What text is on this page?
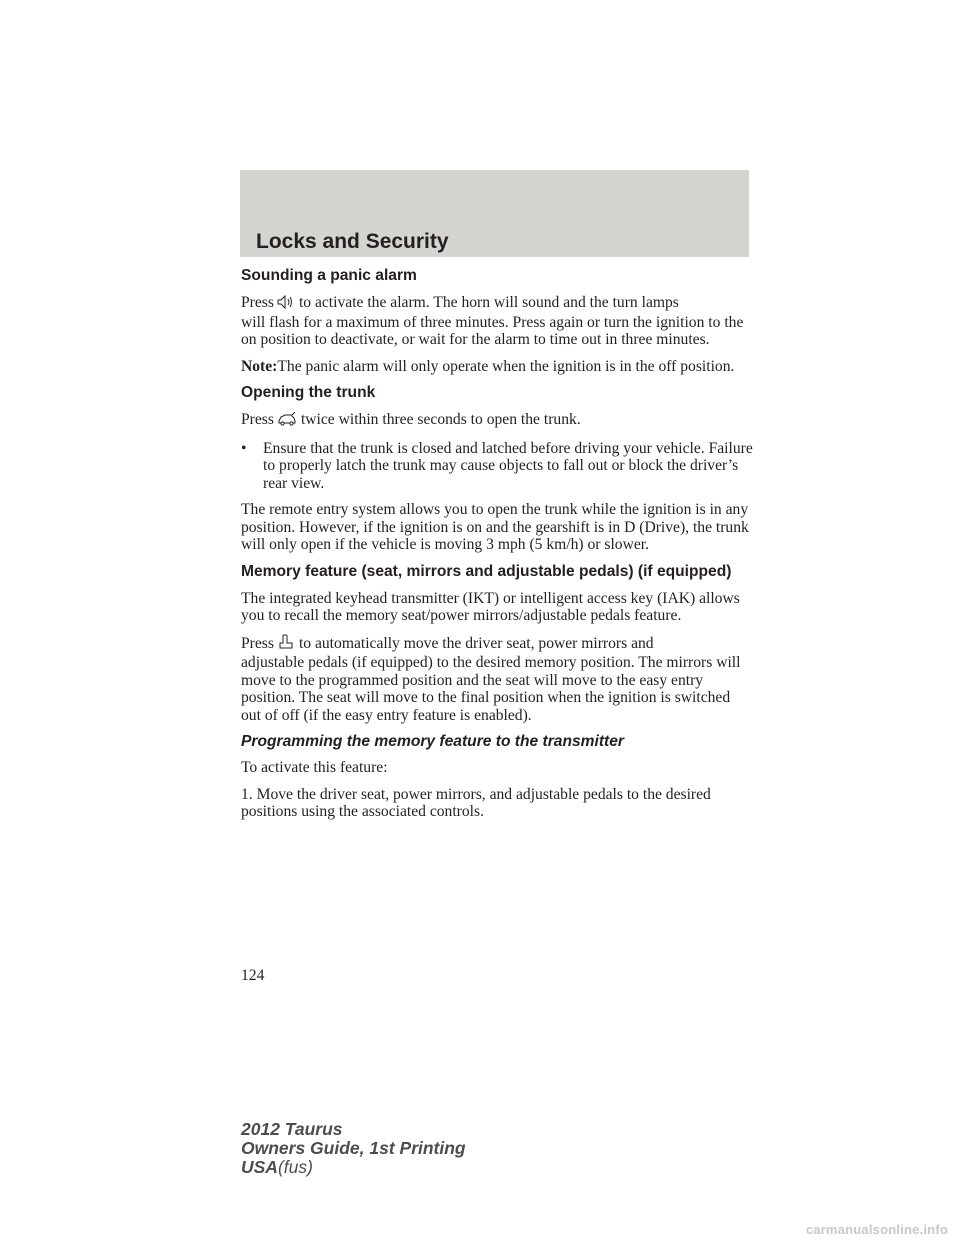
Locks and Security
Sounding a panic alarm
Press to activate the alarm. The horn will sound and the turn lamps

will flash for a maximum of three minutes. Press again or turn the ignition to the on position to deactivate, or wait for the alarm to time out in three minutes.

Note:The panic alarm will only operate when the ignition is in the off position.

Opening the trunk

Press twice within three seconds to open the trunk.

• Ensure that the trunk is closed and latched before driving your vehicle. Failure to properly latch the trunk may cause objects to fall out or block the driver’s rear view.

The remote entry system allows you to open the trunk while the ignition is in any position. However, if the ignition is on and the gearshift is in D (Drive), the trunk will only open if the vehicle is moving 3 mph (5 km/h) or slower.

Memory feature (seat, mirrors and adjustable pedals) (if equipped)

The integrated keyhead transmitter (IKT) or intelligent access key (IAK) allows you to recall the memory seat/power mirrors/adjustable pedals feature.

Press to automatically move the driver seat, power mirrors and

adjustable pedals (if equipped) to the desired memory position. The mirrors will move to the programmed position and the seat will move to the easy entry position. The seat will move to the final position when the ignition is switched out of off (if the easy entry feature is enabled).

Programming the memory feature to the transmitter

To activate this feature:

1. Move the driver seat, power mirrors, and adjustable pedals to the desired positions using the associated controls.

124
2012 Taurus
Owners Guide, 1st Printing
USA(fus)
carmanualsonline.info
